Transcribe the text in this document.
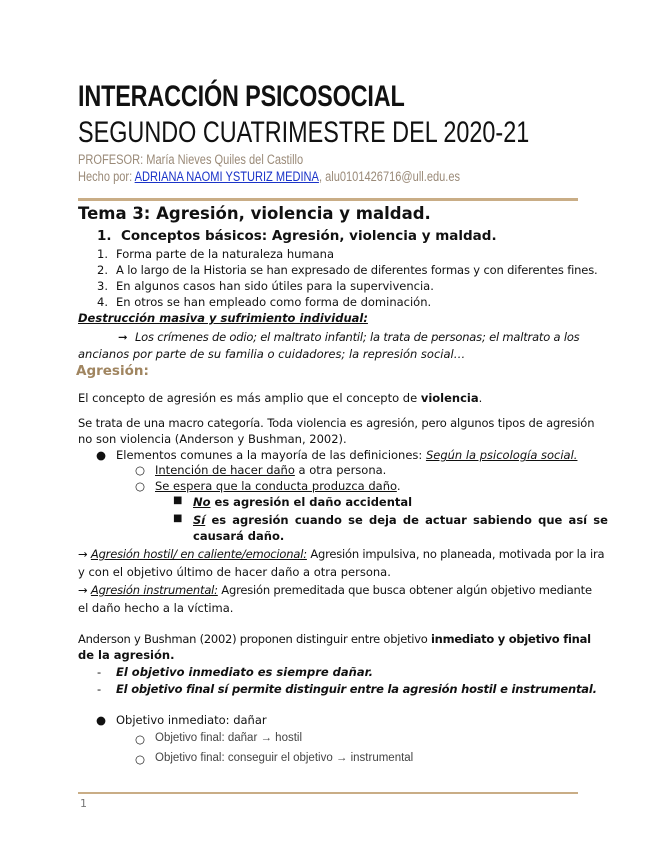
INTERACCIÓN PSICOSOCIAL
SEGUNDO CUATRIMESTRE DEL 2020-21
PROFESOR: María Nieves Quiles del Castillo
Hecho por: ADRIANA NAOMI YSTURIZ MEDINA, alu0101426716@ull.edu.es
Tema 3: Agresión, violencia y maldad.
1. Conceptos básicos: Agresión, violencia y maldad.
1. Forma parte de la naturaleza humana
2. A lo largo de la Historia se han expresado de diferentes formas y con diferentes fines.
3. En algunos casos han sido útiles para la supervivencia.
4. En otros se han empleado como forma de dominación.
Destrucción masiva y sufrimiento individual:
➞ Los crímenes de odio; el maltrato infantil; la trata de personas; el maltrato a los
ancianos por parte de su familia o cuidadores; la represión social…
Agresión:
El concepto de agresión es más amplio que el concepto de violencia.
Se trata de una macro categoría. Toda violencia es agresión, pero algunos tipos de agresión
no son violencia (Anderson y Bushman, 2002).
● Elementos comunes a la mayoría de las definiciones: Según la psicología social.
○ Intención de hacer daño a otra persona.
○ Se espera que la conducta produzca daño.
■ No es agresión el daño accidental
■ Sí es agresión cuando se deja de actuar sabiendo que así se
causará daño.
→ Agresión hostil/ en caliente/emocional: Agresión impulsiva, no planeada, motivada por la ira
y con el objetivo último de hacer daño a otra persona.
→ Agresión instrumental: Agresión premeditada que busca obtener algún objetivo mediante
el daño hecho a la víctima.
Anderson y Bushman (2002) proponen distinguir entre objetivo inmediato y objetivo final
de la agresión.
- El objetivo inmediato es siempre dañar.
- El objetivo final sí permite distinguir entre la agresión hostil e instrumental.
● Objetivo inmediato: dañar
○ Objetivo final: dañar → hostil
○ Objetivo final: conseguir el objetivo → instrumental
1
